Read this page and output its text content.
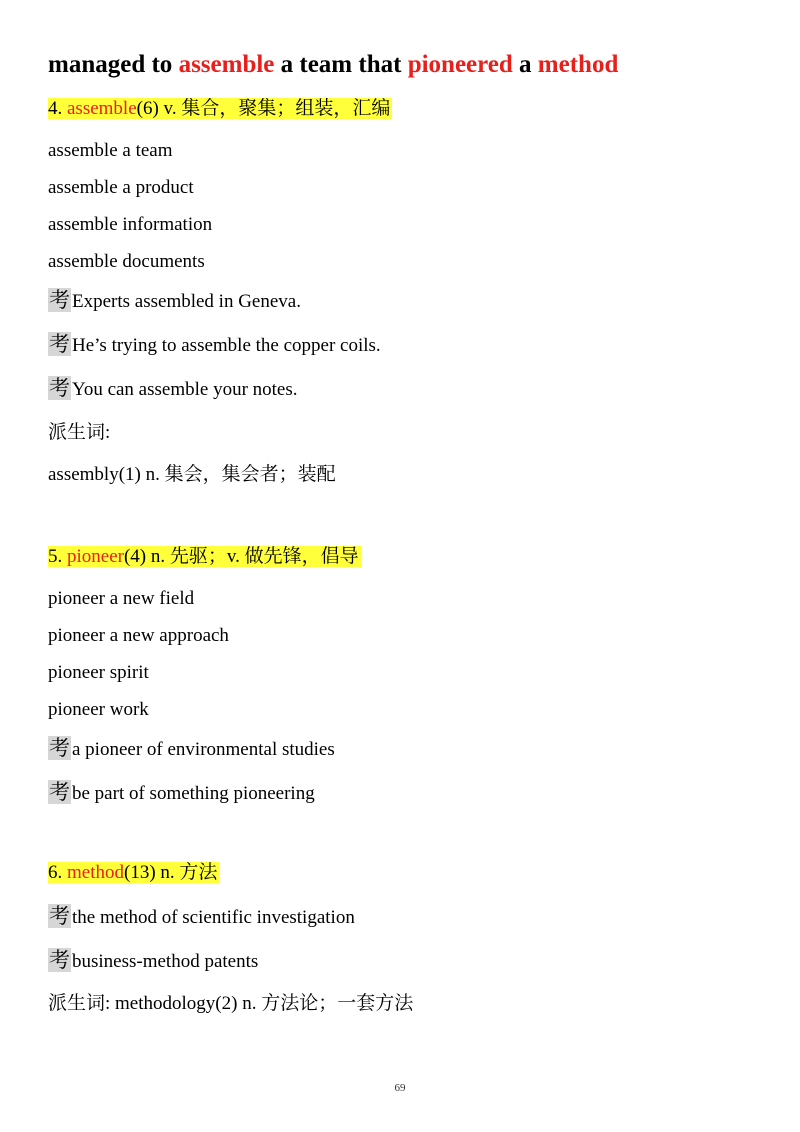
managed to assemble a team that pioneered a method
4. assemble(6) v. 集合，聚集；组装，汇编
assemble a team
assemble a product
assemble information
assemble documents
考 Experts assembled in Geneva.
考 He’s trying to assemble the copper coils.
考 You can assemble your notes.
派生词:
assembly(1) n. 集会，集会者；装配
5. pioneer(4) n. 先驱；v. 做先锋，倡导
pioneer a new field
pioneer a new approach
pioneer spirit
pioneer work
考 a pioneer of environmental studies
考 be part of something pioneering
6. method(13) n. 方法
考 the method of scientific investigation
考 business-method patents
派生词: methodology(2) n. 方法论；一套方法
69
